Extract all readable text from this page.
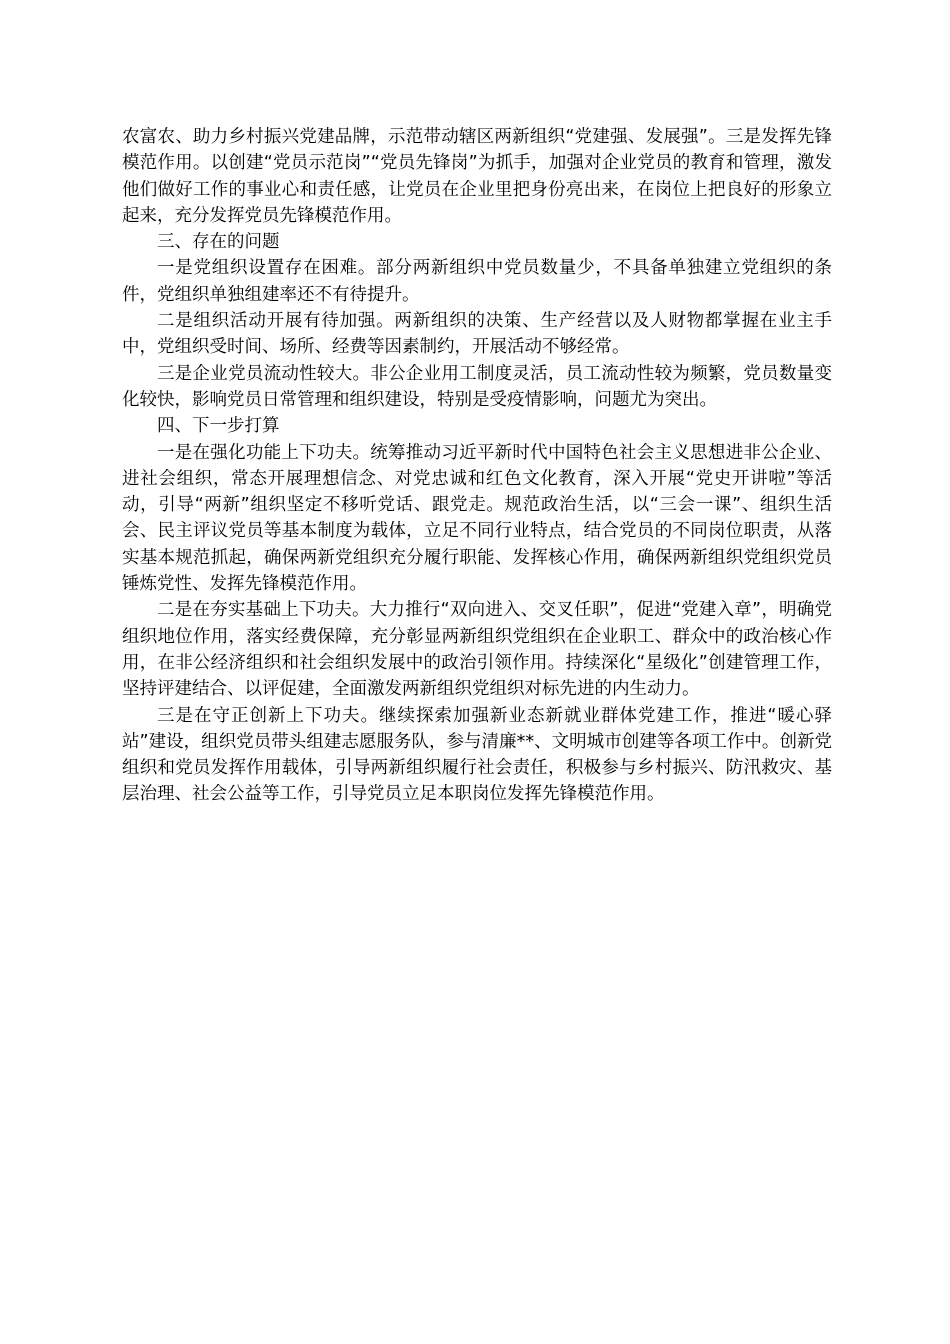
农富农、助力乡村振兴党建品牌，示范带动辖区两新组织“党建强、发展强”。三是发挥先锋模范作用。以创建“党员示范岗”“党员先锋岗”为抓手，加强对企业党员的教育和管理，激发他们做好工作的事业心和责任感，让党员在企业里把身份亮出来，在岗位上把良好的形象立起来，充分发挥党员先锋模范作用。

三、存在的问题

一是党组织设置存在困难。部分两新组织中党员数量少，不具备单独建立党组织的条件，党组织单独组建率还不有待提升。

二是组织活动开展有待加强。两新组织的决策、生产经营以及人财物都掌握在业主手中，党组织受时间、场所、经费等因素制约，开展活动不够经常。

三是企业党员流动性较大。非公企业用工制度灵活，员工流动性较为频繁，党员数量变化较快，影响党员日常管理和组织建设，特别是受疫情影响，问题尤为突出。

四、下一步打算

一是在强化功能上下功夫。统筹推动习近平新时代中国特色社会主义思想进非公企业、进社会组织，常态开展理想信念、对党忠诚和红色文化教育，深入开展“党史开讲啦”等活动，引导“两新”组织坚定不移听党话、跟党走。规范政治生活，以“三会一课”、组织生活会、民主评议党员等基本制度为载体，立足不同行业特点，结合党员的不同岗位职责，从落实基本规范抓起，确保两新党组织充分履行职能、发挥核心作用，确保两新组织党组织党员锤炼党性、发挥先锋模范作用。

二是在夯实基础上下功夫。大力推行“双向进入、交叉任职”，促进“党建入章”，明确党组织地位作用，落实经费保障，充分彰显两新组织党组织在企业职工、群众中的政治核心作用，在非公经济组织和社会组织发展中的政治引领作用。持续深化“星级化”创建管理工作，坚持评建结合、以评促建，全面激发两新组织党组织对标先进的内生动力。

三是在守正创新上下功夫。继续探索加强新业态新就业群体党建工作，推进“暖心驿站”建设，组织党员带头组建志愿服务队，参与清廉**、文明城市创建等各项工作中。创新党组织和党员发挥作用载体，引导两新组织履行社会责任，积极参与乡村振兴、防汛救灾、基层治理、社会公益等工作，引导党员立足本职岗位发挥先锋模范作用。
